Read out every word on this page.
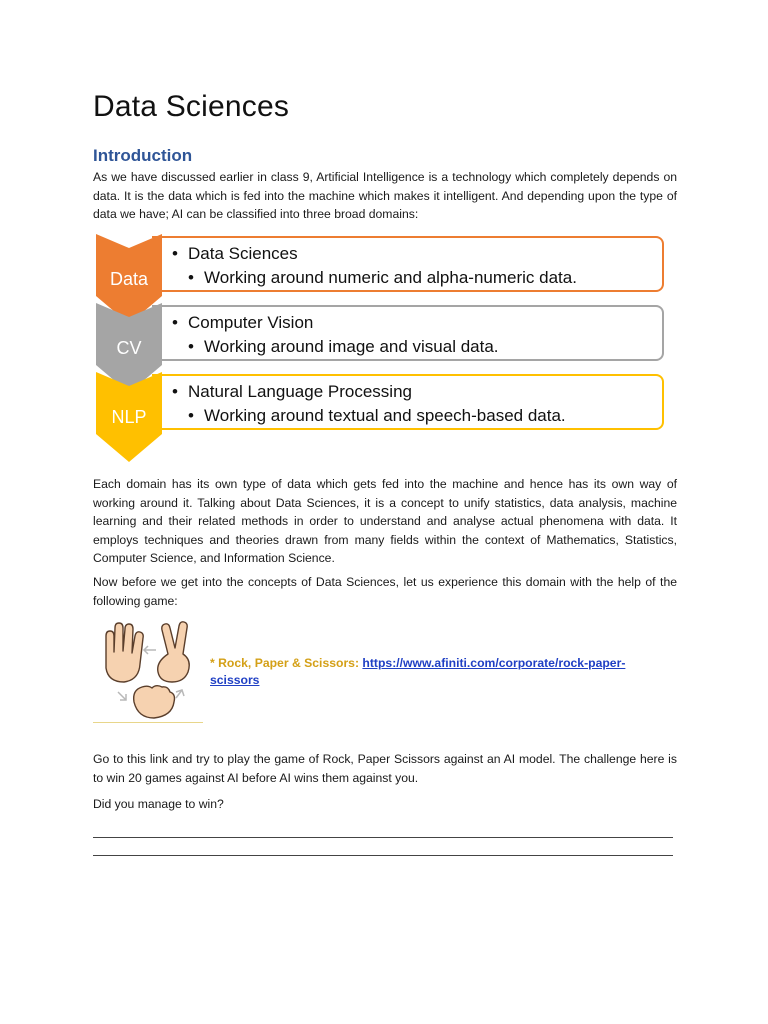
Data Sciences
Introduction

As we have discussed earlier in class 9, Artificial Intelligence is a technology which completely depends on data. It is the data which is fed into the machine which makes it intelligent. And depending upon the type of data we have; AI can be classified into three broad domains:

• Data Sciences
• Working around numeric and alpha-numeric data.
Data
• Computer Vision
• Working around image and visual data.
CV
• Natural Language Processing
• Working around textual and speech-based data.
NLP

Each domain has its own type of data which gets fed into the machine and hence has its own way of working around it. Talking about Data Sciences, it is a concept to unify statistics, data analysis, machine learning and their related methods in order to understand and analyse actual phenomena with data. It employs techniques and theories drawn from many fields within the context of Mathematics, Statistics, Computer Science, and Information Science.

Now before we get into the concepts of Data Sciences, let us experience this domain with the help of the following game:

* Rock, Paper & Scissors: https://www.afiniti.com/corporate/rock-paper-scissors

Go to this link and try to play the game of Rock, Paper Scissors against an AI model. The challenge here is to win 20 games against AI before AI wins them against you.

Did you manage to win?
